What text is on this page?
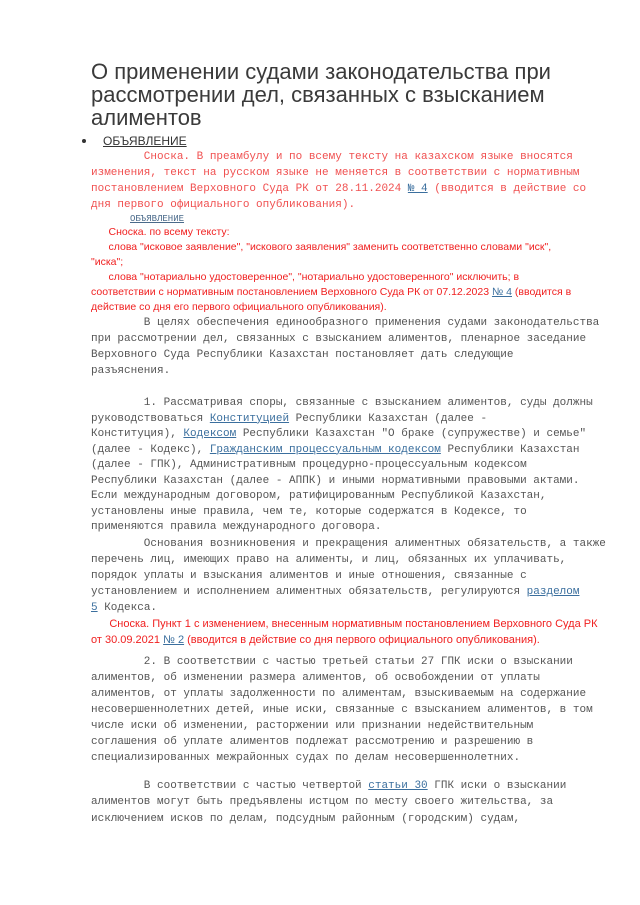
О применении судами законодательства при рассмотрении дел, связанных с взысканием алиментов
ОБЪЯВЛЕНИЕ
Сноска. В преамбулу и по всему тексту на казахском языке вносятся
изменения, текст на русском языке не меняется в соответствии с нормативным
постановлением Верховного Суда РК от 28.11.2024 № 4 (вводится в действие со
дня первого официального опубликования).
ОБЪЯВЛЕНИЕ
Сноска. по всему тексту:
слова "исковое заявление", "искового заявления" заменить соответственно словами "иск",
"иска";
слова "нотариально удостоверенное", "нотариально удостоверенного" исключить; в
соответствии с нормативным постановлением Верховного Суда РК от 07.12.2023 № 4 (вводится в
действие со дня его первого официального опубликования).
В целях обеспечения единообразного применения судами законодательства
при рассмотрении дел, связанных с взысканием алиментов, пленарное заседание
Верховного Суда Республики Казахстан постановляет дать следующие
разъяснения.
1. Рассматривая споры, связанные с взысканием алиментов, суды должны
руководствоваться Конституцией Республики Казахстан (далее -
Конституция), Кодексом Республики Казахстан "О браке (супружестве) и семье"
(далее - Кодекс), Гражданским процессуальным кодексом Республики Казахстан
(далее - ГПК), Административным процедурно-процессуальным кодексом
Республики Казахстан (далее - АППК) и иными нормативными правовыми актами.
Если международным договором, ратифицированным Республикой Казахстан,
установлены иные правила, чем те, которые содержатся в Кодексе, то
применяются правила международного договора.
Основания возникновения и прекращения алиментных обязательств, а также
перечень лиц, имеющих право на алименты, и лиц, обязанных их уплачивать,
порядок уплаты и взыскания алиментов и иные отношения, связанные с
установлением и исполнением алиментных обязательств, регулируются разделом
5 Кодекса.
Сноска. Пункт 1 с изменением, внесенным нормативным постановлением Верховного Суда РК
от 30.09.2021 № 2 (вводится в действие со дня первого официального опубликования).
2. В соответствии с частью третьей статьи 27 ГПК иски о взыскании
алиментов, об изменении размера алиментов, об освобождении от уплаты
алиментов, от уплаты задолженности по алиментам, взыскиваемым на содержание
несовершеннолетних детей, иные иски, связанные с взысканием алиментов, в том
числе иски об изменении, расторжении или признании недействительным
соглашения об уплате алиментов подлежат рассмотрению и разрешению в
специализированных межрайонных судах по делам несовершеннолетних.
В соответствии с частью четвертой статьи 30 ГПК иски о взыскании
алиментов могут быть предъявлены истцом по месту своего жительства, за
исключением исков по делам, подсудным районным (городским) судам,
